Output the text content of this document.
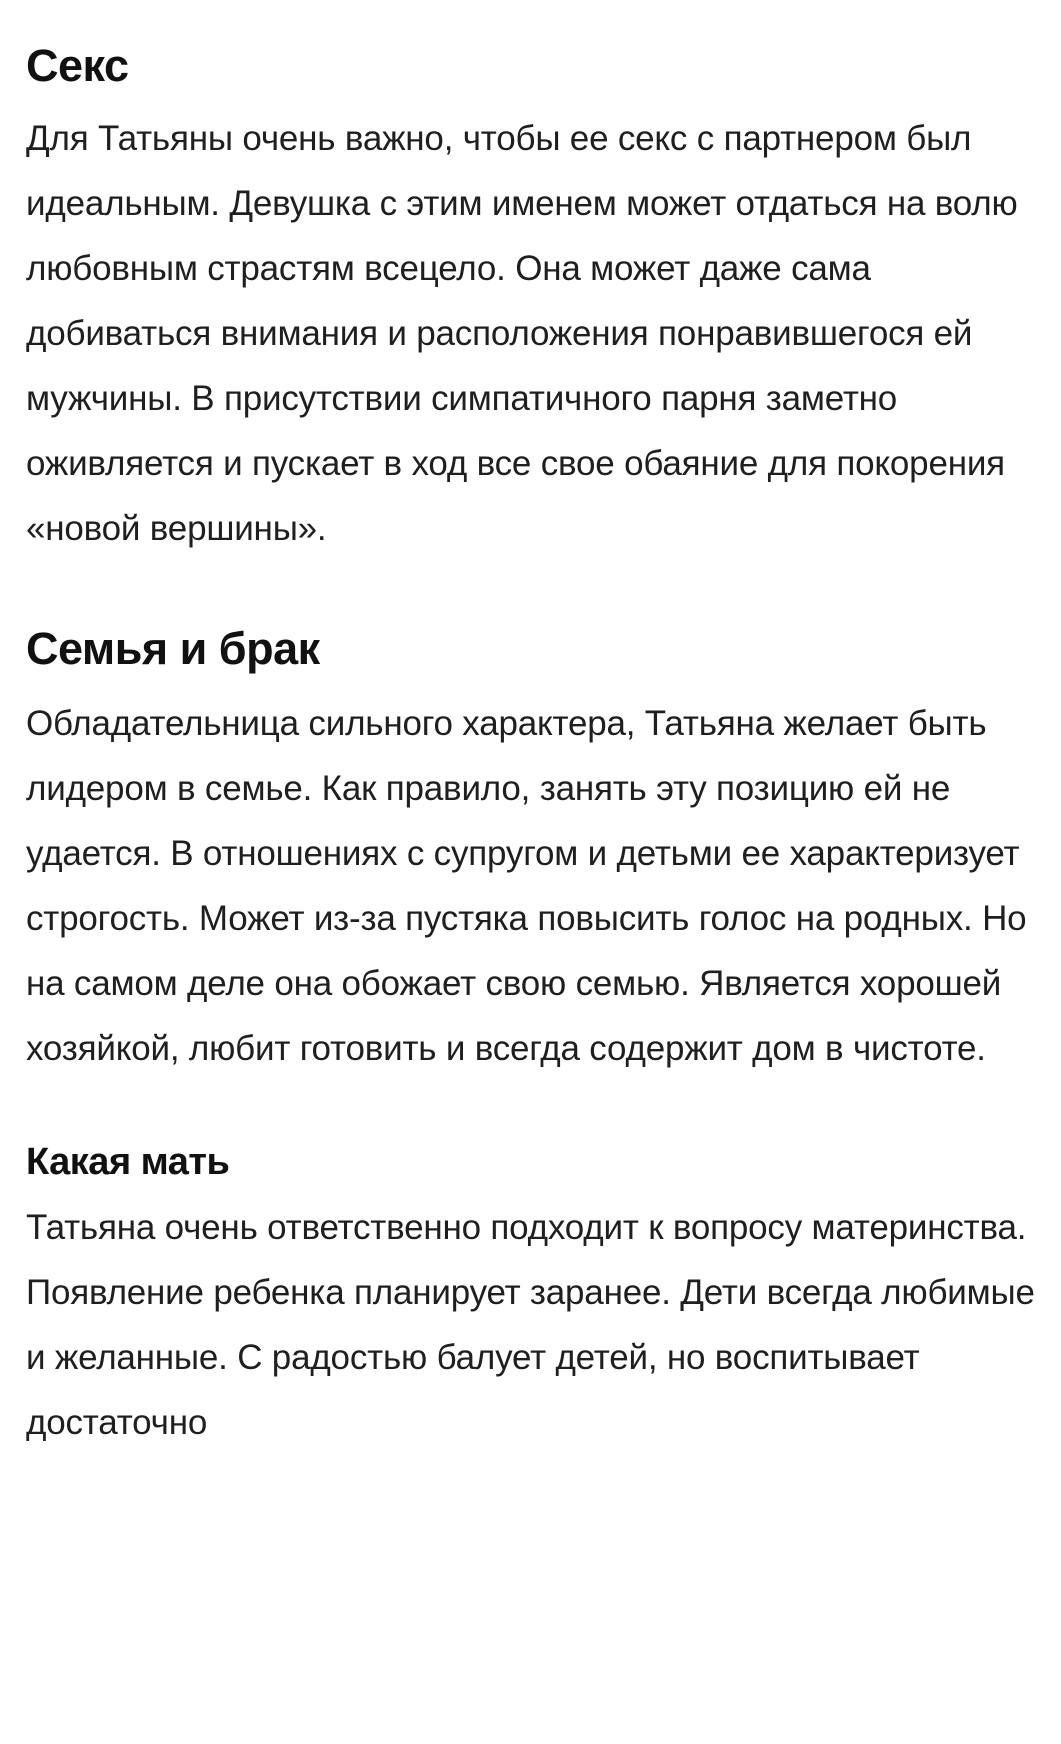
Секс

Для Татьяны очень важно, чтобы ее секс с партнером был идеальным. Девушка с этим именем может отдаться на волю любовным страстям всецело. Она может даже сама добиваться внимания и расположения понравившегося ей мужчины. В присутствии симпатичного парня заметно оживляется и пускает в ход все свое обаяние для покорения «новой вершины».

Семья и брак

Обладательница сильного характера, Татьяна желает быть лидером в семье. Как правило, занять эту позицию ей не удается. В отношениях с супругом и детьми ее характеризует строгость. Может из-за пустяка повысить голос на родных. Но на самом деле она обожает свою семью. Является хорошей хозяйкой, любит готовить и всегда содержит дом в чистоте.

Какая мать

Татьяна очень ответственно подходит к вопросу материнства. Появление ребенка планирует заранее. Дети всегда любимые и желанные. С радостью балует детей, но воспитывает достаточно
